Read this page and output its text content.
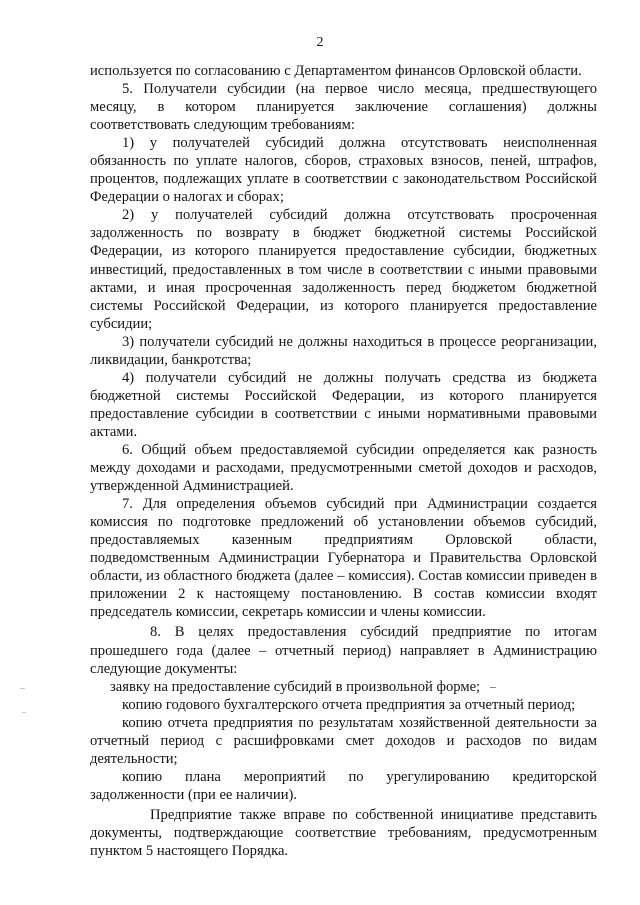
2

используется по согласованию с Департаментом финансов Орловской области.

5. Получатели субсидии (на первое число месяца, предшествующего месяцу, в котором планируется заключение соглашения) должны соответствовать следующим требованиям:

1) у получателей субсидий должна отсутствовать неисполненная обязанность по уплате налогов, сборов, страховых взносов, пеней, штрафов, процентов, подлежащих уплате в соответствии с законодательством Российской Федерации о налогах и сборах;

2) у получателей субсидий должна отсутствовать просроченная задолженность по возврату в бюджет бюджетной системы Российской Федерации, из которого планируется предоставление субсидии, бюджетных инвестиций, предоставленных в том числе в соответствии с иными правовыми актами, и иная просроченная задолженность перед бюджетом бюджетной системы Российской Федерации, из которого планируется предоставление субсидии;

3) получатели субсидий не должны находиться в процессе реорганизации, ликвидации, банкротства;

4) получатели субсидий не должны получать средства из бюджета бюджетной системы Российской Федерации, из которого планируется предоставление субсидии в соответствии с иными нормативными правовыми актами.

6. Общий объем предоставляемой субсидии определяется как разность между доходами и расходами, предусмотренными сметой доходов и расходов, утвержденной Администрацией.

7. Для определения объемов субсидий при Администрации создается комиссия по подготовке предложений об установлении объемов субсидий, предоставляемых казенным предприятиям Орловской области, подведомственным Администрации Губернатора и Правительства Орловской области, из областного бюджета (далее – комиссия). Состав комиссии приведен в приложении 2 к настоящему постановлению. В состав комиссии входят председатель комиссии, секретарь комиссии и члены комиссии.

8. В целях предоставления субсидий предприятие по итогам прошедшего года (далее – отчетный период) направляет в Администрацию следующие документы:

заявку на предоставление субсидий в произвольной форме;

копию годового бухгалтерского отчета предприятия за отчетный период;

копию отчета предприятия по результатам хозяйственной деятельности за отчетный период с расшифровками смет доходов и расходов по видам деятельности;

копию плана мероприятий по урегулированию кредиторской задолженности (при ее наличии).

Предприятие также вправе по собственной инициативе представить документы, подтверждающие соответствие требованиям, предусмотренным пунктом 5 настоящего Порядка.
